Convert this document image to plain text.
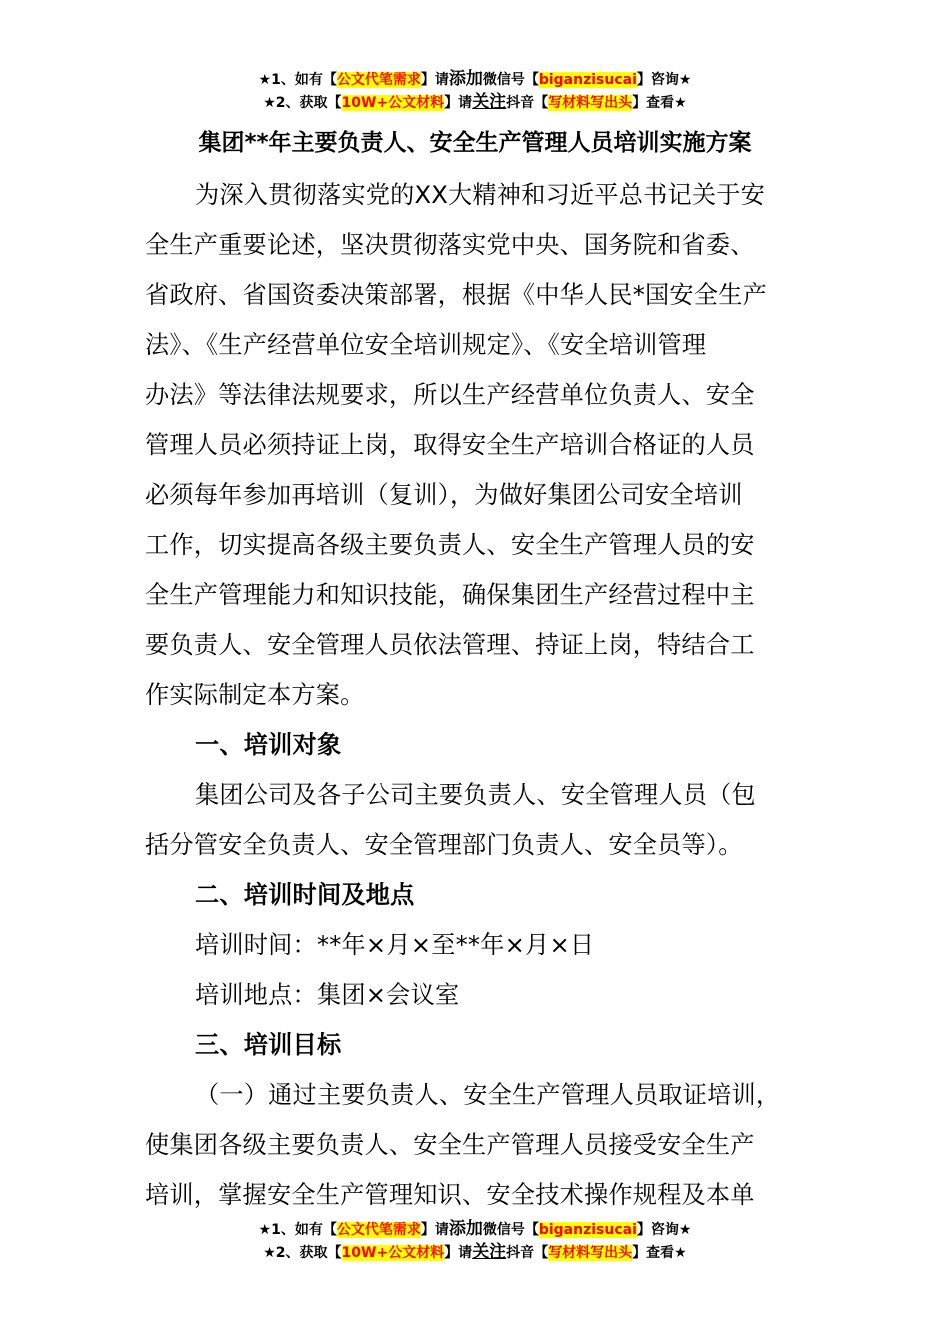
★1、如有【公文代笔需求】请添加微信号【biganzisucai】咨询★
★2、获取【10W+公文材料】请关注抖音【写材料写出头】查看★
集团**年主要负责人、安全生产管理人员培训实施方案

为深入贯彻落实党的XX大精神和习近平总书记关于安

全生产重要论述，坚决贯彻落实党中央、国务院和省委、

省政府、省国资委决策部署，根据《中华人民*国安全生产

法》、《生产经营单位安全培训规定》、《安全培训管理

办法》等法律法规要求，所以生产经营单位负责人、安全

管理人员必须持证上岗，取得安全生产培训合格证的人员

必须每年参加再培训（复训），为做好集团公司安全培训

工作，切实提高各级主要负责人、安全生产管理人员的安

全生产管理能力和知识技能，确保集团生产经营过程中主

要负责人、安全管理人员依法管理、持证上岗，特结合工

作实际制定本方案。

一、培训对象

集团公司及各子公司主要负责人、安全管理人员（包

括分管安全负责人、安全管理部门负责人、安全员等）。

二、培训时间及地点

培训时间：**年×月×至**年×月×日

培训地点：集团×会议室

三、培训目标

（一）通过主要负责人、安全生产管理人员取证培训，

使集团各级主要负责人、安全生产管理人员接受安全生产

培训，掌握安全生产管理知识、安全技术操作规程及本单

★1、如有【公文代笔需求】请添加微信号【biganzisucai】咨询★
★2、获取【10W+公文材料】请关注抖音【写材料写出头】查看★
